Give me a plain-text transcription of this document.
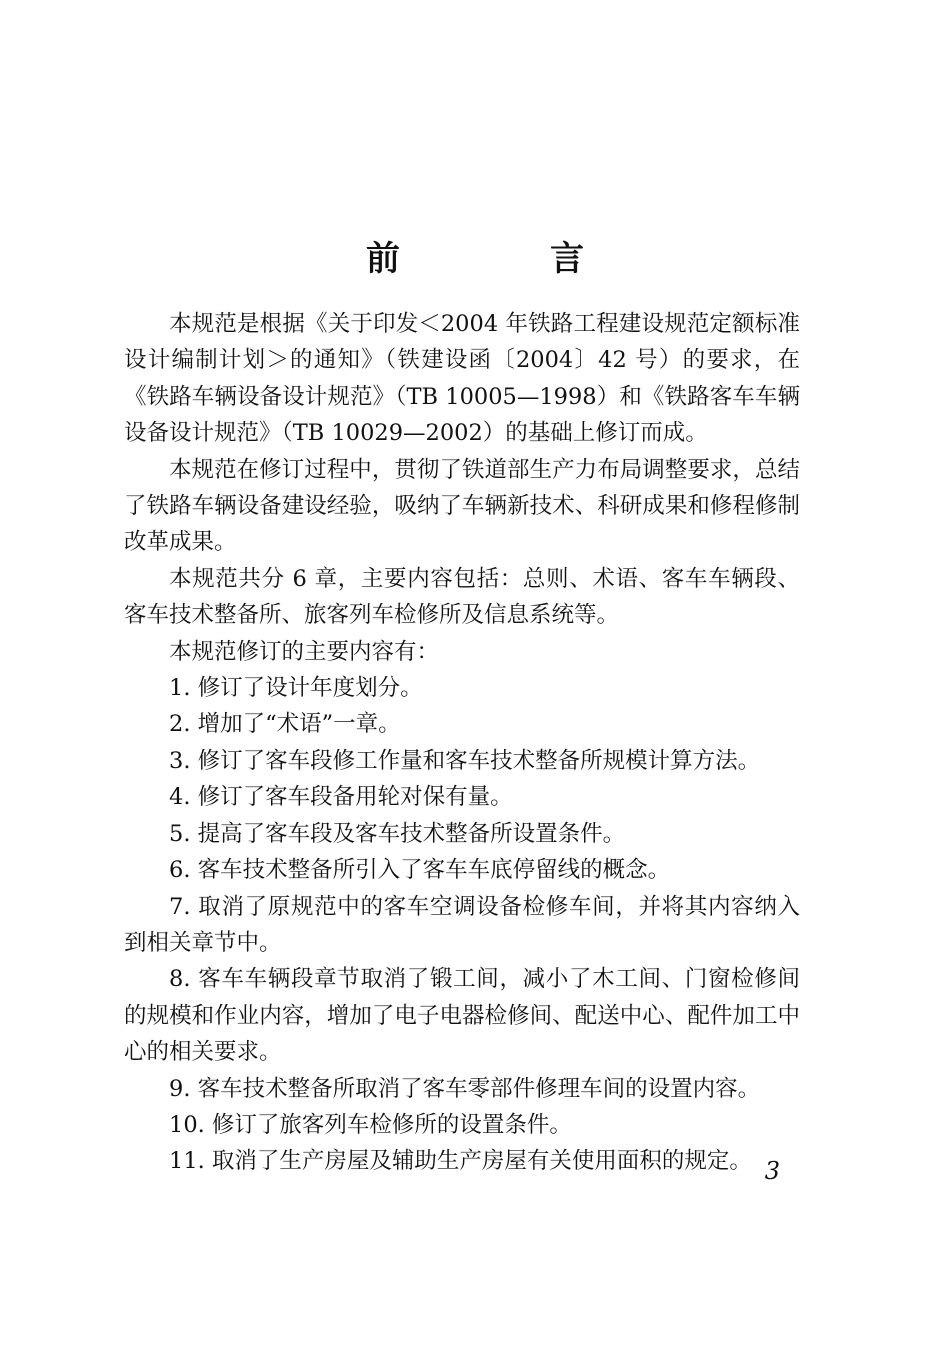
前　言

本规范是根据《关于印发＜2004 年铁路工程建设规范定额标准设计编制计划＞的通知》（铁建设函〔2004〕42 号）的要求，在《铁路车辆设备设计规范》（TB 10005—1998）和《铁路客车车辆设备设计规范》（TB 10029—2002）的基础上修订而成。

本规范在修订过程中，贯彻了铁道部生产力布局调整要求，总结了铁路车辆设备建设经验，吸纳了车辆新技术、科研成果和修程修制改革成果。

本规范共分 6 章，主要内容包括：总则、术语、客车车辆段、客车技术整备所、旅客列车检修所及信息系统等。

本规范修订的主要内容有：

1. 修订了设计年度划分。

2. 增加了“术语”一章。

3. 修订了客车段修工作量和客车技术整备所规模计算方法。

4. 修订了客车段备用轮对保有量。

5. 提高了客车段及客车技术整备所设置条件。

6. 客车技术整备所引入了客车车底停留线的概念。

7. 取消了原规范中的客车空调设备检修车间，并将其内容纳入到相关章节中。

8. 客车车辆段章节取消了锻工间，减小了木工间、门窗检修间的规模和作业内容，增加了电子电器检修间、配送中心、配件加工中心的相关要求。

9. 客车技术整备所取消了客车零部件修理车间的设置内容。

10. 修订了旅客列车检修所的设置条件。

11. 取消了生产房屋及辅助生产房屋有关使用面积的规定。 3
